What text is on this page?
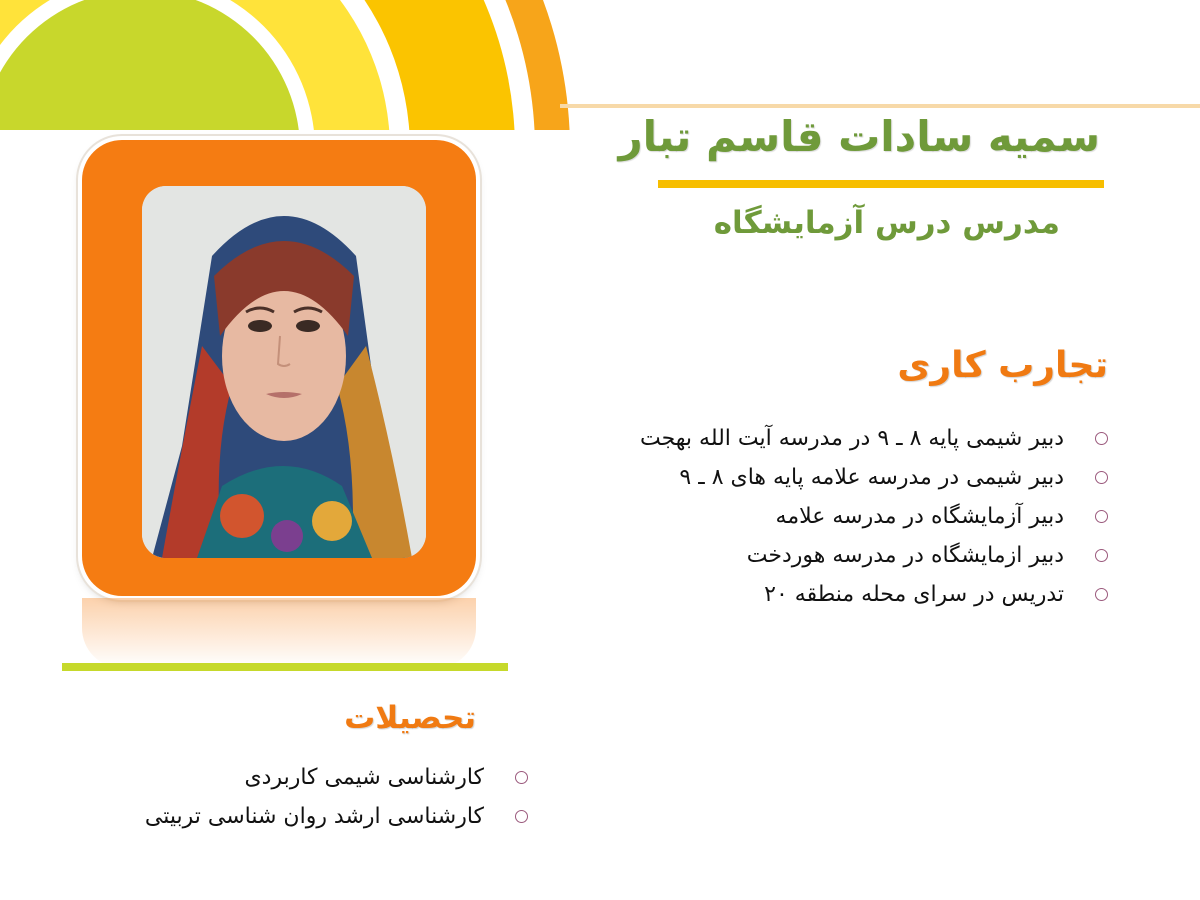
سمیه سادات قاسم تبار
مدرس درس آزمایشگاه
تجارب کاری
دبیر شیمی پایه ۸ ـ ۹ در مدرسه آیت الله بهجت
دبیر شیمی در مدرسه علامه پایه های ۸ ـ ۹
دبیر آزمایشگاه در مدرسه علامه
دبیر ازمایشگاه در مدرسه هوردخت
تدریس در سرای محله منطقه ۲۰
تحصیلات
کارشناسی شیمی کاربردی
کارشناسی ارشد روان شناسی تربیتی
